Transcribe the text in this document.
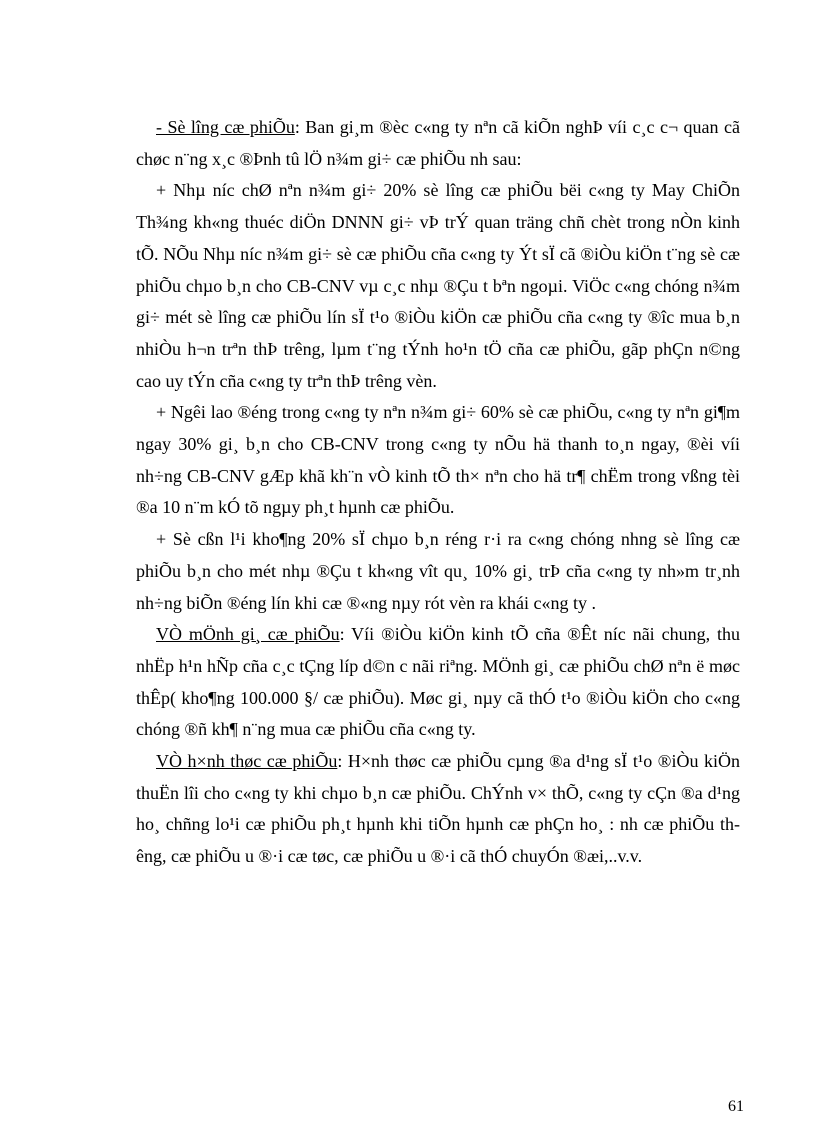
- Sè lîng cæ phiÕu: Ban gi¸m ®èc c«ng ty nªn cã kiÕn nghÞ víi c¸c c¬ quan cã chøc n¨ng x¸c ®Þnh tû lÖ n¾m gi÷ cæ phiÕu nh sau:

+ Nhµ níc chØ nªn n¾m gi÷ 20% sè lîng cæ phiÕu bëi c«ng ty May ChiÕn Th¾ng kh«ng thuéc diÖn DNNN gi÷ vÞ trÝ quan träng chñ chèt trong nÒn kinh tÕ. NÕu Nhµ níc n¾m gi÷ sè cæ phiÕu cña c«ng ty Ýt sÏ cã ®iÒu kiÖn t¨ng sè cæ phiÕu chµo b¸n cho CB-CNV vµ c¸c nhµ ®Çu t bªn ngoµi. ViÖc c«ng chóng n¾m gi÷ mét sè lîng cæ phiÕu lín sÏ t¹o ®iÒu kiÖn cæ phiÕu cña c«ng ty ®îc mua b¸n nhiÒu h¬n trªn thÞ trêng, lµm t¨ng tÝnh ho¹n tÖ cña cæ phiÕu, gãp phÇn n©ng cao uy tÝn cña c«ng ty trªn thÞ trêng vèn.

+ Ngêi lao ®éng trong c«ng ty nªn n¾m gi÷ 60% sè cæ phiÕu, c«ng ty nªn gi¶m ngay 30% gi¸ b¸n cho CB-CNV trong c«ng ty nÕu hä thanh to¸n ngay, ®èi víi nh÷ng CB-CNV gÆp khã kh¨n vÒ kinh tÕ th× nªn cho hä tr¶ chËm trong vßng tèi ®a 10 n¨m kÓ tõ ngµy ph¸t hµnh cæ phiÕu.

+ Sè cßn l¹i kho¶ng 20% sÏ chµo b¸n réng r·i ra c«ng chóng nhng sè lîng cæ phiÕu b¸n cho mét nhµ ®Çu t kh«ng vît qu¸ 10% gi¸ trÞ cña c«ng ty nh»m tr¸nh nh÷ng biÕn ®éng lín khi cæ ®«ng nµy rót vèn ra khái c«ng ty .

VÒ mÖnh gi¸ cæ phiÕu: Víi ®iÒu kiÖn kinh tÕ cña ®Êt níc nãi chung, thu nhËp h¹n hÑp cña c¸c tÇng líp d©n c nãi riªng. MÖnh gi¸ cæ phiÕu chØ nªn ë møc thÊp( kho¶ng 100.000 §/ cæ phiÕu). Møc gi¸ nµy cã thÓ t¹o ®iÒu kiÖn cho c«ng chóng ®ñ kh¶ n¨ng mua cæ phiÕu cña c«ng ty.

VÒ h×nh thøc cæ phiÕu: H×nh thøc cæ phiÕu cµng ®a d¹ng sÏ t¹o ®iÒu kiÖn thuËn lîi cho c«ng ty khi chµo b¸n cæ phiÕu. ChÝnh v× thÕ, c«ng ty cÇn ®a d¹ng ho¸ chñng lo¹i cæ phiÕu ph¸t hµnh khi tiÕn hµnh cæ phÇn ho¸ : nh cæ phiÕu thêng, cæ phiÕu u ®·i cæ tøc, cæ phiÕu u ®·i cã thÓ chuyÓn ®æi,..v.v.

61
